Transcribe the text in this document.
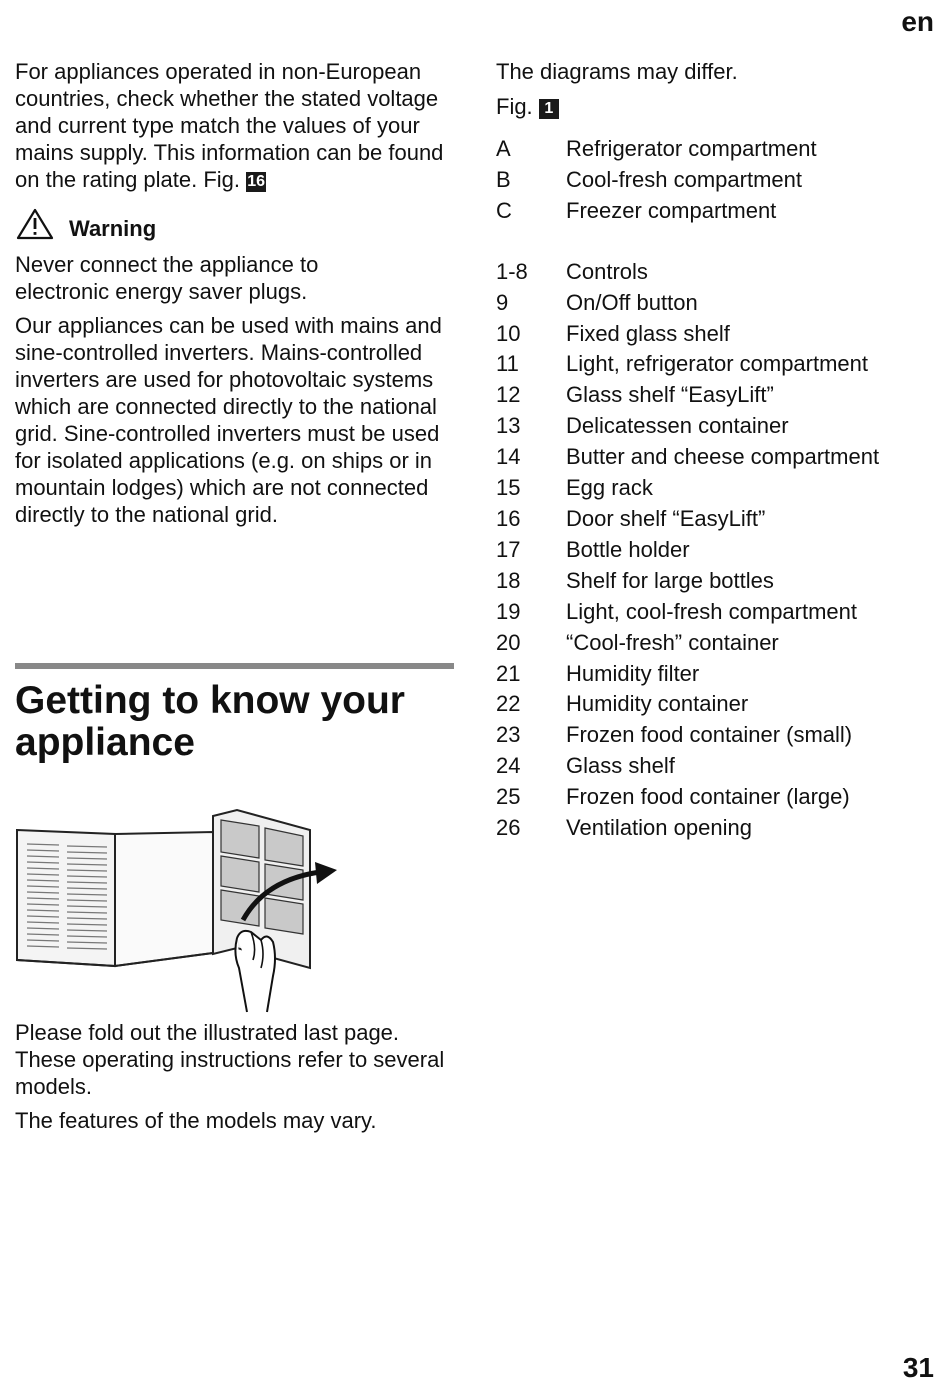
en

For appliances operated in non-European countries, check whether the stated voltage and current type match the values of your mains supply. This information can be found on the rating plate. Fig. 16

Warning

Never connect the appliance to electronic energy saver plugs.

Our appliances can be used with mains and sine-controlled inverters. Mains-controlled inverters are used for photovoltaic systems which are connected directly to the national grid. Sine-controlled inverters must be used for isolated applications (e.g. on ships or in mountain lodges) which are not connected directly to the national grid.

Getting to know your appliance

Please fold out the illustrated last page. These operating instructions refer to several models.

The features of the models may vary.

The diagrams may differ.

Fig. 1

A	Refrigerator compartment
B	Cool-fresh compartment
C	Freezer compartment
1-8	Controls
9	On/Off button
10	Fixed glass shelf
11	Light, refrigerator compartment
12	Glass shelf “EasyLift”
13	Delicatessen container
14	Butter and cheese compartment
15	Egg rack
16	Door shelf “EasyLift”
17	Bottle holder
18	Shelf for large bottles
19	Light, cool-fresh compartment
20	“Cool-fresh” container
21	Humidity filter
22	Humidity container
23	Frozen food container (small)
24	Glass shelf
25	Frozen food container (large)
26	Ventilation opening
31
